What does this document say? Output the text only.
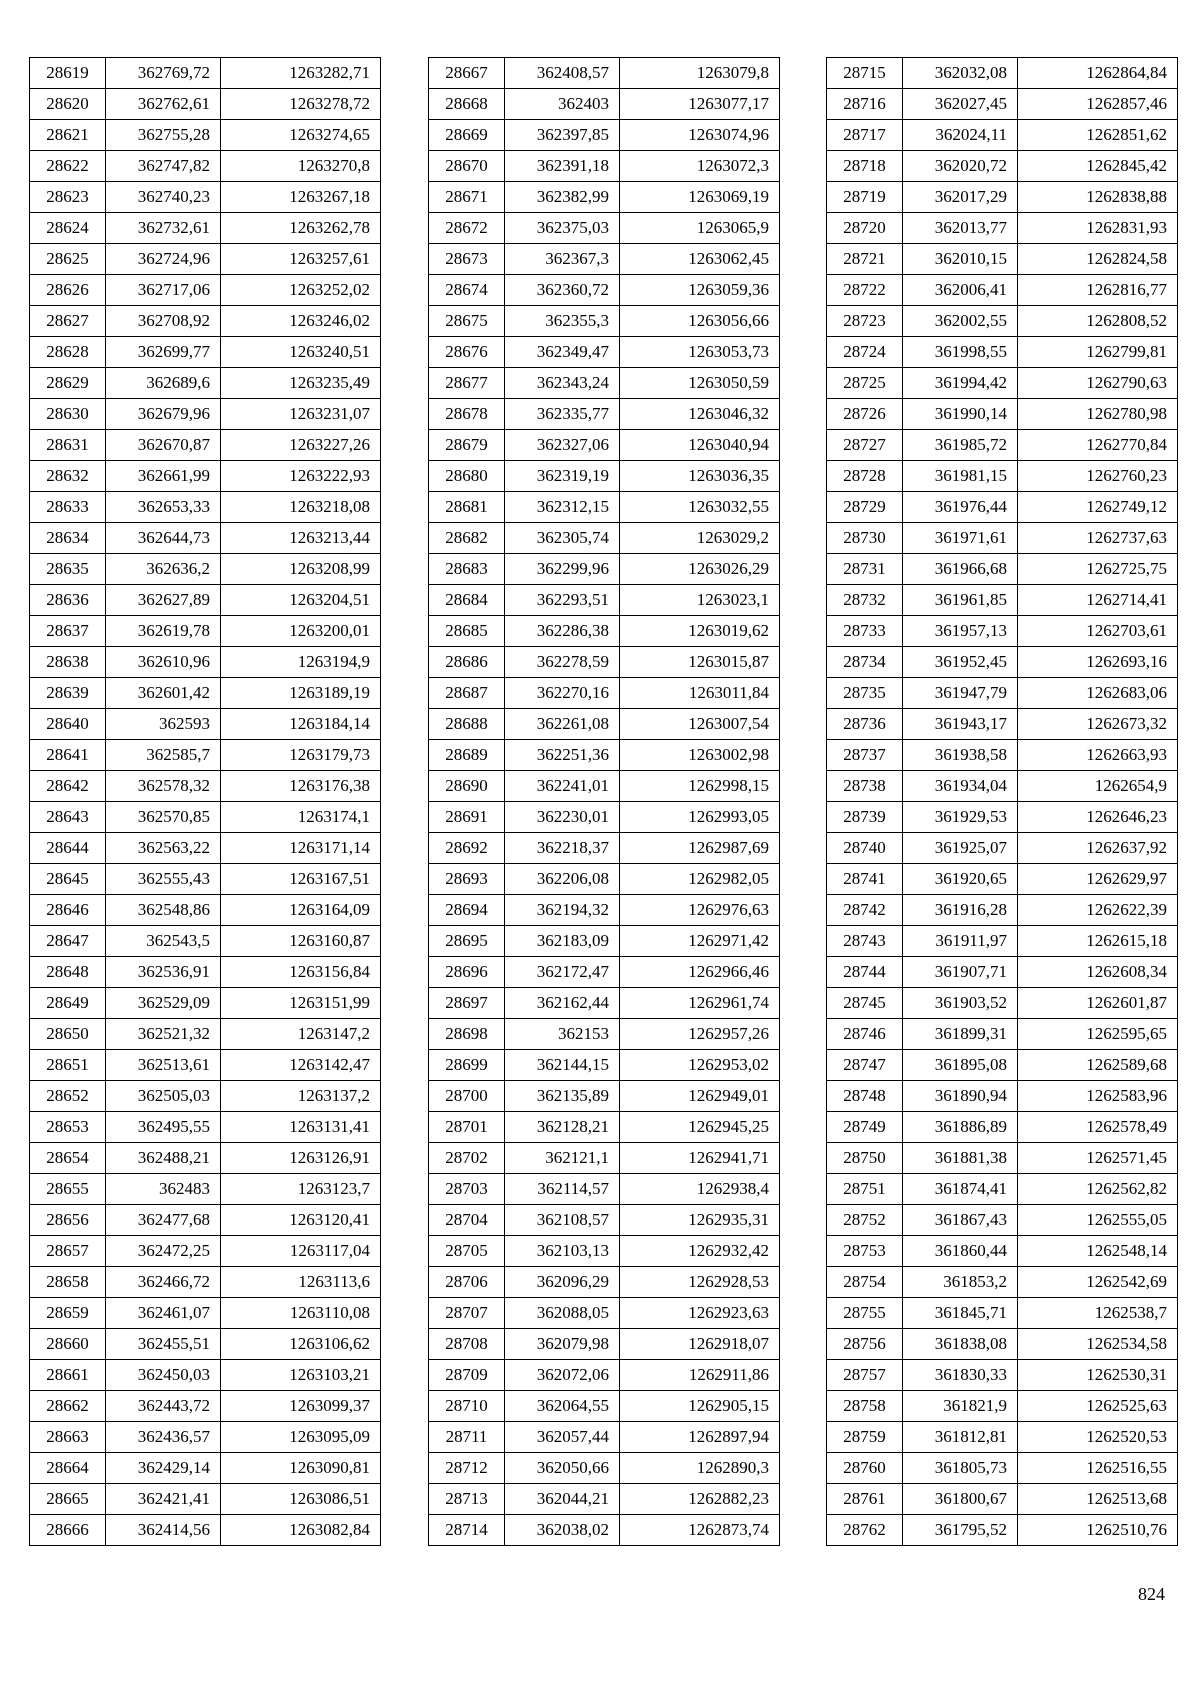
28619	362769,72	1263282,71
28620	362762,61	1263278,72
28621	362755,28	1263274,65
28622	362747,82	1263270,8
28623	362740,23	1263267,18
28624	362732,61	1263262,78
28625	362724,96	1263257,61
28626	362717,06	1263252,02
28627	362708,92	1263246,02
28628	362699,77	1263240,51
28629	362689,6	1263235,49
28630	362679,96	1263231,07
28631	362670,87	1263227,26
28632	362661,99	1263222,93
28633	362653,33	1263218,08
28634	362644,73	1263213,44
28635	362636,2	1263208,99
28636	362627,89	1263204,51
28637	362619,78	1263200,01
28638	362610,96	1263194,9
28639	362601,42	1263189,19
28640	362593	1263184,14
28641	362585,7	1263179,73
28642	362578,32	1263176,38
28643	362570,85	1263174,1
28644	362563,22	1263171,14
28645	362555,43	1263167,51
28646	362548,86	1263164,09
28647	362543,5	1263160,87
28648	362536,91	1263156,84
28649	362529,09	1263151,99
28650	362521,32	1263147,2
28651	362513,61	1263142,47
28652	362505,03	1263137,2
28653	362495,55	1263131,41
28654	362488,21	1263126,91
28655	362483	1263123,7
28656	362477,68	1263120,41
28657	362472,25	1263117,04
28658	362466,72	1263113,6
28659	362461,07	1263110,08
28660	362455,51	1263106,62
28661	362450,03	1263103,21
28662	362443,72	1263099,37
28663	362436,57	1263095,09
28664	362429,14	1263090,81
28665	362421,41	1263086,51
28666	362414,56	1263082,84
28667	362408,57	1263079,8
28668	362403	1263077,17
28669	362397,85	1263074,96
28670	362391,18	1263072,3
28671	362382,99	1263069,19
28672	362375,03	1263065,9
28673	362367,3	1263062,45
28674	362360,72	1263059,36
28675	362355,3	1263056,66
28676	362349,47	1263053,73
28677	362343,24	1263050,59
28678	362335,77	1263046,32
28679	362327,06	1263040,94
28680	362319,19	1263036,35
28681	362312,15	1263032,55
28682	362305,74	1263029,2
28683	362299,96	1263026,29
28684	362293,51	1263023,1
28685	362286,38	1263019,62
28686	362278,59	1263015,87
28687	362270,16	1263011,84
28688	362261,08	1263007,54
28689	362251,36	1263002,98
28690	362241,01	1262998,15
28691	362230,01	1262993,05
28692	362218,37	1262987,69
28693	362206,08	1262982,05
28694	362194,32	1262976,63
28695	362183,09	1262971,42
28696	362172,47	1262966,46
28697	362162,44	1262961,74
28698	362153	1262957,26
28699	362144,15	1262953,02
28700	362135,89	1262949,01
28701	362128,21	1262945,25
28702	362121,1	1262941,71
28703	362114,57	1262938,4
28704	362108,57	1262935,31
28705	362103,13	1262932,42
28706	362096,29	1262928,53
28707	362088,05	1262923,63
28708	362079,98	1262918,07
28709	362072,06	1262911,86
28710	362064,55	1262905,15
28711	362057,44	1262897,94
28712	362050,66	1262890,3
28713	362044,21	1262882,23
28714	362038,02	1262873,74
28715	362032,08	1262864,84
28716	362027,45	1262857,46
28717	362024,11	1262851,62
28718	362020,72	1262845,42
28719	362017,29	1262838,88
28720	362013,77	1262831,93
28721	362010,15	1262824,58
28722	362006,41	1262816,77
28723	362002,55	1262808,52
28724	361998,55	1262799,81
28725	361994,42	1262790,63
28726	361990,14	1262780,98
28727	361985,72	1262770,84
28728	361981,15	1262760,23
28729	361976,44	1262749,12
28730	361971,61	1262737,63
28731	361966,68	1262725,75
28732	361961,85	1262714,41
28733	361957,13	1262703,61
28734	361952,45	1262693,16
28735	361947,79	1262683,06
28736	361943,17	1262673,32
28737	361938,58	1262663,93
28738	361934,04	1262654,9
28739	361929,53	1262646,23
28740	361925,07	1262637,92
28741	361920,65	1262629,97
28742	361916,28	1262622,39
28743	361911,97	1262615,18
28744	361907,71	1262608,34
28745	361903,52	1262601,87
28746	361899,31	1262595,65
28747	361895,08	1262589,68
28748	361890,94	1262583,96
28749	361886,89	1262578,49
28750	361881,38	1262571,45
28751	361874,41	1262562,82
28752	361867,43	1262555,05
28753	361860,44	1262548,14
28754	361853,2	1262542,69
28755	361845,71	1262538,7
28756	361838,08	1262534,58
28757	361830,33	1262530,31
28758	361821,9	1262525,63
28759	361812,81	1262520,53
28760	361805,73	1262516,55
28761	361800,67	1262513,68
28762	361795,52	1262510,76
824
